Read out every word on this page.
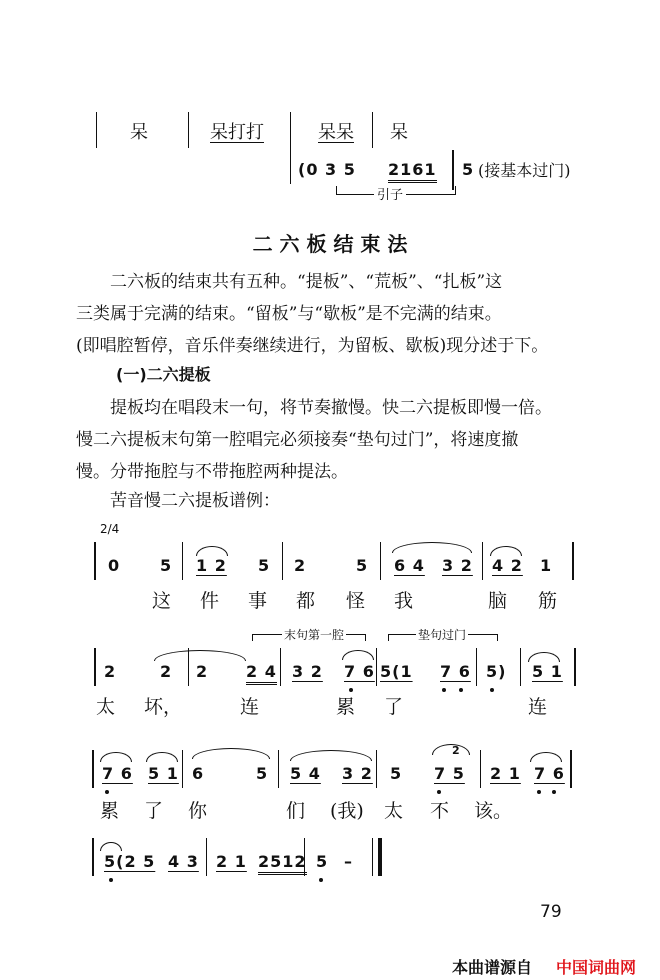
呆	呆打打	呆呆 呆
(0 3 5 2161 5 (接基本过门)
引子
二 六 板 结 束 法
二六板的结束共有五种。“提板”、“荒板”、“扎板”这
三类属于完满的结束。“留板”与“歇板”是不完满的结束。
(即唱腔暂停，音乐伴奏继续进行，为留板、歇板)现分述于下。
(一)二六提板
提板均在唱段末一句，将节奏撤慢。快二六提板即慢一倍。
慢二六提板末句第一腔唱完必须接奏“垫句过门”，将速度撤
慢。分带拖腔与不带拖腔两种提法。
苦音慢二六提板谱例：
2/4
0 5 1 2 5 2	5 6 4 3 2 4 2 1
这 件 事 都 怪 我	脑 筋
末句第一腔	垫句过门
2	2 2 2 4 3 2 7 6 5(1 7 6 5) 5 1
太 坏，	连	累 了	连
2
7 6 5 1 6	5 5 4 3 2 5 7 5 2 1 7 6
累 了 你	们 (我) 太 不 该。
5(2 5 4 3 2 1 2512 5 –
79
本曲谱源自 中国词曲网
